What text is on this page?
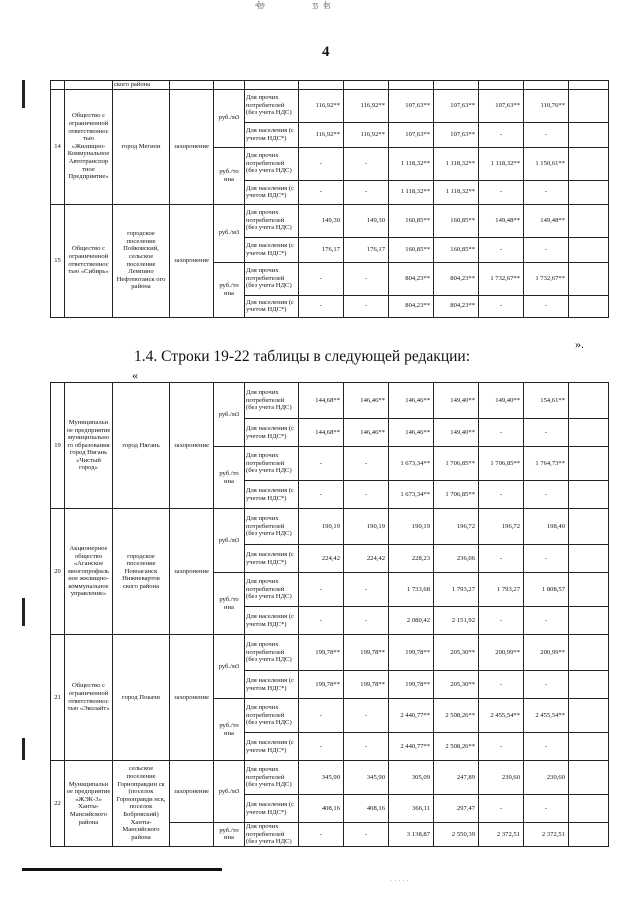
⸗ɸ᷊ʒ⸗ᷓᷰ	ʒʒᷢɸʒ
4
		ского района										
14	Общество с ограниченной ответственнос тью «Жилищно-Коммунальное Автотранспор тное Предприятие»	город Мегион	захоронение	руб./м3	Для прочих потребителей (без учета НДС)	116,92**	116,92**	107,63**	107,63**	107,63**	110,76**	
					Для населения (с учетом НДС*)	116,92**	116,92**	107,63**	107,63**	-	-	
				руб./то нна	Для прочих потребителей (без учета НДС)	-	-	1 118,32**	1 118,32**	1 118,32**	1 150,61**	
					Для населения (с учетом НДС*)	-	-	1 118,32**	1 118,32**	-	-	
15	Общество с ограниченной ответственнос тью «Сибирь»	городское поселение Пойковский, сельское поселение Лемпино Нефтеюганск ого района	захоронение	руб./м3	Для прочих потребителей (без учета НДС)	149,30	149,30	160,85**	160,85**	149,48**	149,48**	
					Для населения (с учетом НДС*)	176,17	176,17	160,85**	160,85**	-	-	
				руб./то нна	Для прочих потребителей (без учета НДС)	-	-	804,23**	804,23**	1 732,67**	1 732,67**	
					Для населения (с учетом НДС*)	-	-	804,23**	804,23**	-	-	
».
1.4. Строки 19-22 таблицы в следующей редакции:
«
19	Муниципальн ое предприятие муниципально го образования город Нягань «Чистый город»	город Нягань	захоронение	руб./м3	Для прочих потребителей (без учета НДС)	144,68**	146,46**	146,46**	149,40**	149,40**	154,61**	
					Для населения (с учетом НДС*)	144,68**	146,46**	146,46**	149,40**	-	-	
				руб./то нна	Для прочих потребителей (без учета НДС)	-	-	1 673,34**	1 706,85**	1 706,85**	1 764,73**	
					Для населения (с учетом НДС*)	-	-	1 673,34**	1 706,85**	-	-	
20	Акционерное общество «Аганское многопрофиль ное жилищно-коммунальное управление»	городское поселение Новоаганск Нижневартов ского района	захоронение	руб./м3	Для прочих потребителей (без учета НДС)	190,19	190,19	190,19	196,72	196,72	198,40	
					Для населения (с учетом НДС*)	224,42	224,42	228,23	236,06	-	-	
				руб./то нна	Для прочих потребителей (без учета НДС)	-	-	1 733,68	1 793,27	1 793,27	1 808,57	
					Для населения (с учетом НДС*)	-	-	2 080,42	2 151,92	-	-	
21	Общество с ограниченной ответственнос тью «Эколайт»	город Покачи	захоронение	руб./м3	Для прочих потребителей (без учета НДС)	199,78**	199,78**	199,78**	205,30**	200,99**	200,99**	
					Для населения (с учетом НДС*)	199,78**	199,78**	199,78**	205,30**	-	-	
				руб./то нна	Для прочих потребителей (без учета НДС)	-	-	2 440,77**	2 508,26**	2 455,54**	2 455,54**	
					Для населения (с учетом НДС*)	-	-	2 440,77**	2 508,26**	-	-	
22	Муниципальн ое предприятие «ЖЭК-3» Ханты-Мансийского района	сельское поселение Горноправдин ск (поселок Горноправди нск, поселок Бобровский) Ханты-Мансийского района	захоронение	руб./м3	Для прочих потребителей (без учета НДС)	345,90	345,90	305,09	247,89	230,60	230,60	
					Для населения (с учетом НДС*)	408,16	408,16	366,11	297,47	-	-	
				руб./то нна	Для прочих потребителей (без учета НДС)	-	-	3 138,87	2 550,39	2 372,51	2 372,51	
· · · · ·
